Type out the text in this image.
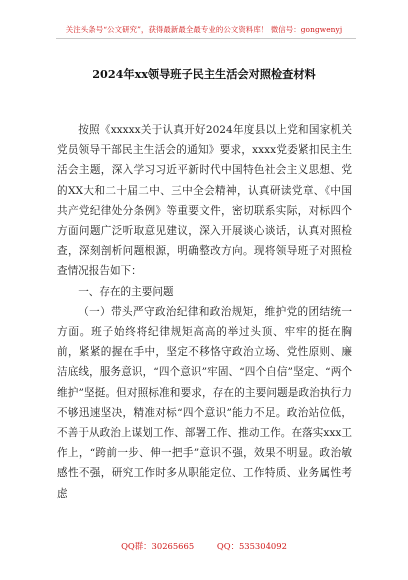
关注头条号“公文研究”，获得最新最全最专业的公文资料库！ 微信号：gongwenyj
2024年xx领导班子民主生活会对照检查材料

按照《xxxxx关于认真开好2024年度县以上党和国家机关党员领导干部民主生活会的通知》要求，xxxx党委紧扣民主生活会主题，深入学习习近平新时代中国特色社会主义思想、党的XX大和二十届二中、三中全会精神，认真研读党章、《中国共产党纪律处分条例》等重要文件，密切联系实际，对标四个方面问题广泛听取意见建议，深入开展谈心谈话，认真对照检查，深刻剖析问题根源，明确整改方向。现将领导班子对照检查情况报告如下：

一、存在的主要问题

（一）带头严守政治纪律和政治规矩，维护党的团结统一方面。班子始终将纪律规矩高高的举过头顶、牢牢的挺在胸前，紧紧的握在手中，坚定不移恪守政治立场、党性原则、廉洁底线，服务意识，“四个意识”牢固、“四个自信”坚定、“两个维护”坚挺。但对照标准和要求，存在的主要问题是政治执行力不够迅速坚决，精准对标“四个意识”能力不足。政治站位低，不善于从政治上谋划工作、部署工作、推动工作。在落实xxx工作上，“跨前一步、伸一把手”意识不强，效果不明显。政治敏感性不强，研究工作时多从职能定位、工作特质、业务属性考虑

QQ群：30265665	QQ：535304092
